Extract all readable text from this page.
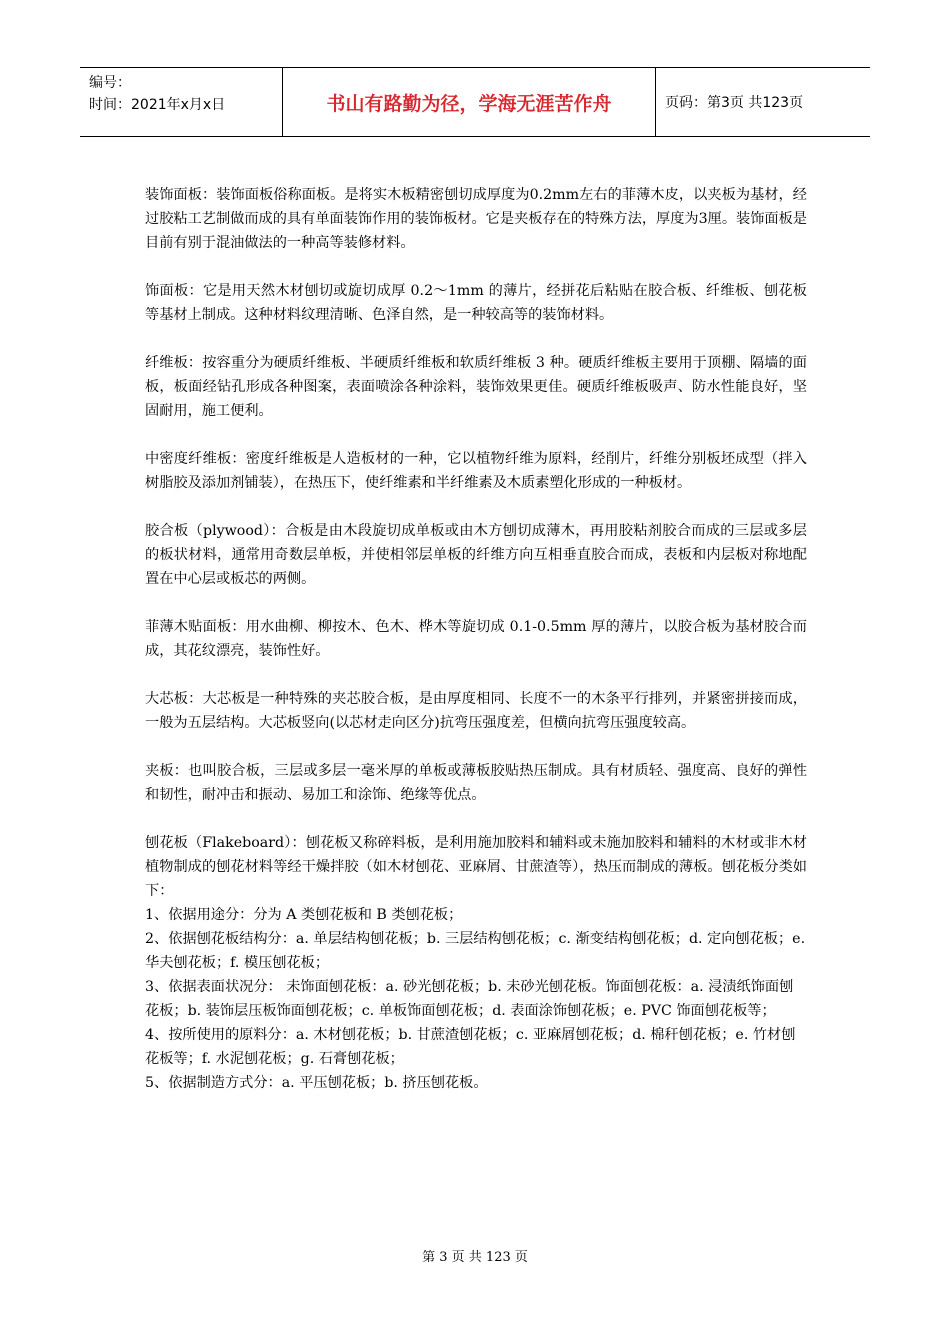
编号：
时间：2021年x月x日	书山有路勤为径，学海无涯苦作舟	页码：第3页 共123页

装饰面板：装饰面板俗称面板。是将实木板精密刨切成厚度为0.2mm左右的菲薄木皮，以夹板为基材，经过胶粘工艺制做而成的具有单面装饰作用的装饰板材。它是夹板存在的特殊方法，厚度为3厘。装饰面板是目前有别于混油做法的一种高等装修材料。

饰面板：它是用天然木材刨切或旋切成厚 0.2～1mm 的薄片，经拼花后粘贴在胶合板、纤维板、刨花板等基材上制成。这种材料纹理清晰、色泽自然，是一种较高等的装饰材料。

纤维板：按容重分为硬质纤维板、半硬质纤维板和软质纤维板 3 种。硬质纤维板主要用于顶棚、隔墙的面板，板面经钻孔形成各种图案，表面喷涂各种涂料，装饰效果更佳。硬质纤维板吸声、防水性能良好，坚固耐用，施工便利。

中密度纤维板：密度纤维板是人造板材的一种，它以植物纤维为原料，经削片，纤维分别板坯成型（拌入树脂胶及添加剂铺装），在热压下，使纤维素和半纤维素及木质素塑化形成的一种板材。

胶合板（plywood）：合板是由木段旋切成单板或由木方刨切成薄木，再用胶粘剂胶合而成的三层或多层的板状材料，通常用奇数层单板，并使相邻层单板的纤维方向互相垂直胶合而成，表板和内层板对称地配置在中心层或板芯的两侧。

菲薄木贴面板：用水曲柳、柳按木、色木、桦木等旋切成 0.1-0.5mm 厚的薄片，以胶合板为基材胶合而成，其花纹漂亮，装饰性好。

大芯板：大芯板是一种特殊的夹芯胶合板，是由厚度相同、长度不一的木条平行排列，并紧密拼接而成，一般为五层结构。大芯板竖向(以芯材走向区分)抗弯压强度差，但横向抗弯压强度较高。

夹板：也叫胶合板，三层或多层一毫米厚的单板或薄板胶贴热压制成。具有材质轻、强度高、良好的弹性和韧性，耐冲击和振动、易加工和涂饰、绝缘等优点。

刨花板（Flakeboard）：刨花板又称碎料板，是利用施加胶料和辅料或未施加胶料和辅料的木材或非木材植物制成的刨花材料等经干燥拌胶（如木材刨花、亚麻屑、甘蔗渣等），热压而制成的薄板。刨花板分类如下：

1、依据用途分：分为 A 类刨花板和 B 类刨花板；

2、依据刨花板结构分：a. 单层结构刨花板；b. 三层结构刨花板；c. 渐变结构刨花板；d. 定向刨花板；e. 华夫刨花板；f. 模压刨花板；

3、依据表面状况分： 未饰面刨花板：a. 砂光刨花板；b. 未砂光刨花板。饰面刨花板：a. 浸渍纸饰面刨花板；b. 装饰层压板饰面刨花板；c. 单板饰面刨花板；d. 表面涂饰刨花板；e. PVC 饰面刨花板等；

4、按所使用的原料分：a. 木材刨花板；b. 甘蔗渣刨花板；c. 亚麻屑刨花板；d. 棉秆刨花板；e. 竹材刨花板等；f. 水泥刨花板；g. 石膏刨花板；

5、依据制造方式分：a. 平压刨花板；b. 挤压刨花板。

第 3 页 共 123 页
